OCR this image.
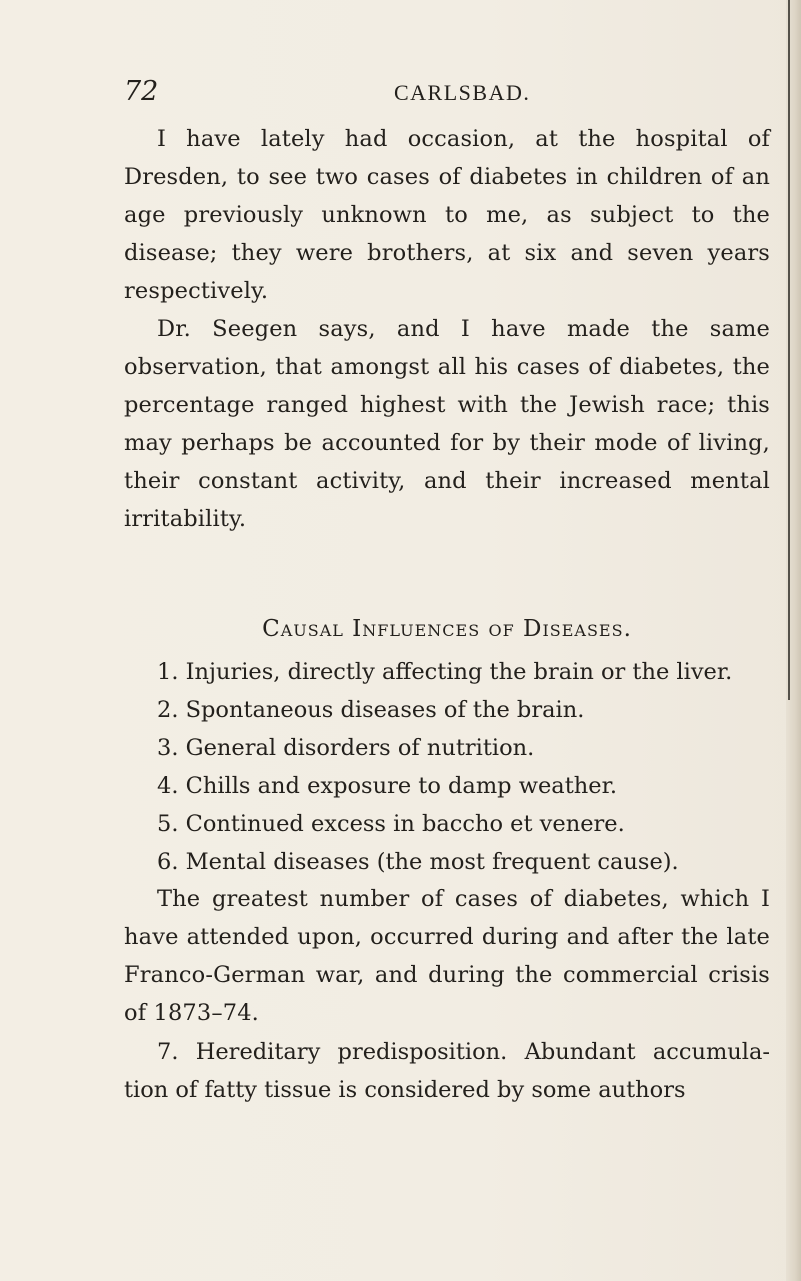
72	CARLSBAD.

I have lately had occasion, at the hospital of Dresden, to see two cases of diabetes in children of an age previously unknown to me, as subject to the disease; they were brothers, at six and seven years respectively.

Dr. Seegen says, and I have made the same observation, that amongst all his cases of diabetes, the percentage ranged highest with the Jewish race; this may perhaps be accounted for by their mode of living, their constant activity, and their increased mental irritability.

Causal Influences of Diseases.
1. Injuries, directly affecting the brain or the liver.
2. Spontaneous diseases of the brain.
3. General disorders of nutrition.
4. Chills and exposure to damp weather.
5. Continued excess in baccho et venere.
6. Mental diseases (the most frequent cause).

The greatest number of cases of diabetes, which I have attended upon, occurred during and after the late Franco-German war, and during the commercial crisis of 1873–74.

7. Hereditary predisposition. Abundant accumula-tion of fatty tissue is considered by some authors
